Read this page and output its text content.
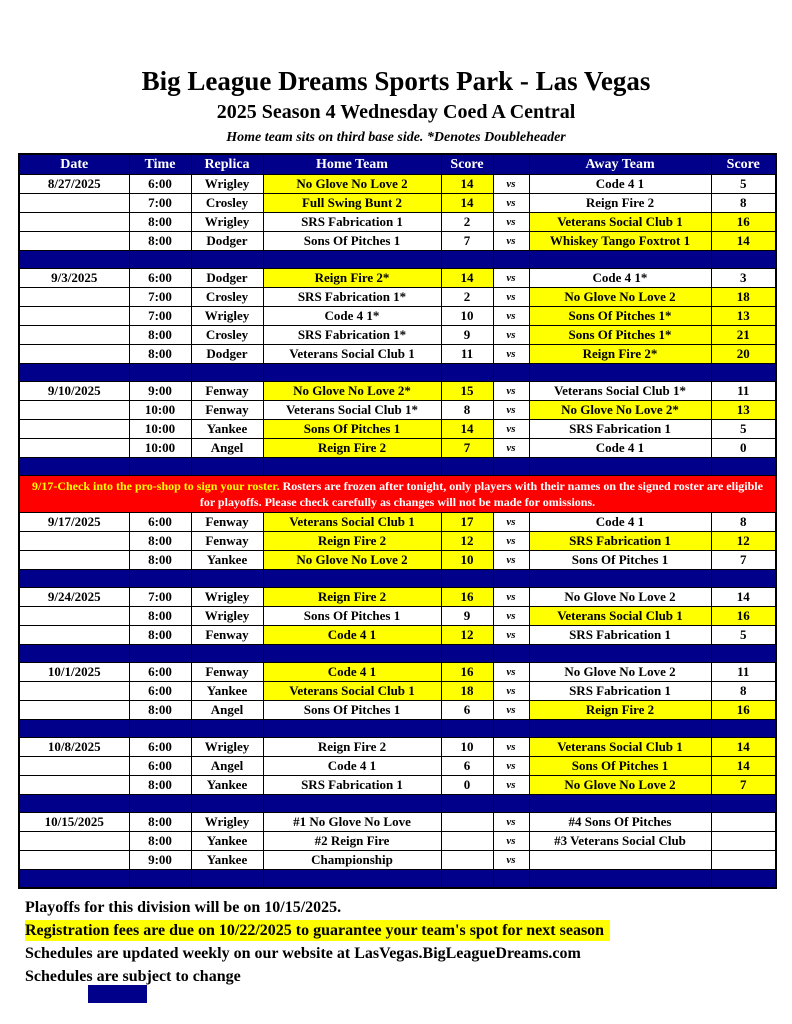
Big League Dreams Sports Park - Las Vegas
2025 Season 4 Wednesday Coed A Central
Home team sits on third base side. *Denotes Doubleheader
Date	Time	Replica	Home Team	Score		Away Team	Score
8/27/2025	6:00	Wrigley	No Glove No Love 2	14	vs	Code 4 1	5
	7:00	Crosley	Full Swing Bunt 2	14	vs	Reign Fire 2	8
	8:00	Wrigley	SRS Fabrication 1	2	vs	Veterans Social Club 1	16
	8:00	Dodger	Sons Of Pitches 1	7	vs	Whiskey Tango Foxtrot 1	14

9/3/2025	6:00	Dodger	Reign Fire 2*	14	vs	Code 4 1*	3
	7:00	Crosley	SRS Fabrication 1*	2	vs	No Glove No Love 2	18
	7:00	Wrigley	Code 4 1*	10	vs	Sons Of Pitches 1*	13
	8:00	Crosley	SRS Fabrication 1*	9	vs	Sons Of Pitches 1*	21
	8:00	Dodger	Veterans Social Club 1	11	vs	Reign Fire 2*	20

9/10/2025	9:00	Fenway	No Glove No Love 2*	15	vs	Veterans Social Club 1*	11
	10:00	Fenway	Veterans Social Club 1*	8	vs	No Glove No Love 2*	13
	10:00	Yankee	Sons Of Pitches 1	14	vs	SRS Fabrication 1	5
	10:00	Angel	Reign Fire 2	7	vs	Code 4 1	0

9/17-Check into the pro-shop to sign your roster. Rosters are frozen after tonight, only players with their names on the signed roster are eligible for playoffs. Please check carefully as changes will not be made for omissions.							
9/17/2025	6:00	Fenway	Veterans Social Club 1	17	vs	Code 4 1	8
	8:00	Fenway	Reign Fire 2	12	vs	SRS Fabrication 1	12
	8:00	Yankee	No Glove No Love 2	10	vs	Sons Of Pitches 1	7

9/24/2025	7:00	Wrigley	Reign Fire 2	16	vs	No Glove No Love 2	14
	8:00	Wrigley	Sons Of Pitches 1	9	vs	Veterans Social Club 1	16
	8:00	Fenway	Code 4 1	12	vs	SRS Fabrication 1	5

10/1/2025	6:00	Fenway	Code 4 1	16	vs	No Glove No Love 2	11
	6:00	Yankee	Veterans Social Club 1	18	vs	SRS Fabrication 1	8
	8:00	Angel	Sons Of Pitches 1	6	vs	Reign Fire 2	16

10/8/2025	6:00	Wrigley	Reign Fire 2	10	vs	Veterans Social Club 1	14
	6:00	Angel	Code 4 1	6	vs	Sons Of Pitches 1	14
	8:00	Yankee	SRS Fabrication 1	0	vs	No Glove No Love 2	7

10/15/2025	8:00	Wrigley	#1 No Glove No Love		vs	#4 Sons Of Pitches	
	8:00	Yankee	#2 Reign Fire		vs	#3 Veterans Social Club	
	9:00	Yankee	Championship		vs		

Playoffs for this division will be on 10/15/2025.
Registration fees are due on 10/22/2025 to guarantee your team's spot for next season
Schedules are updated weekly on our website at LasVegas.BigLeagueDreams.com
Schedules are subject to change
